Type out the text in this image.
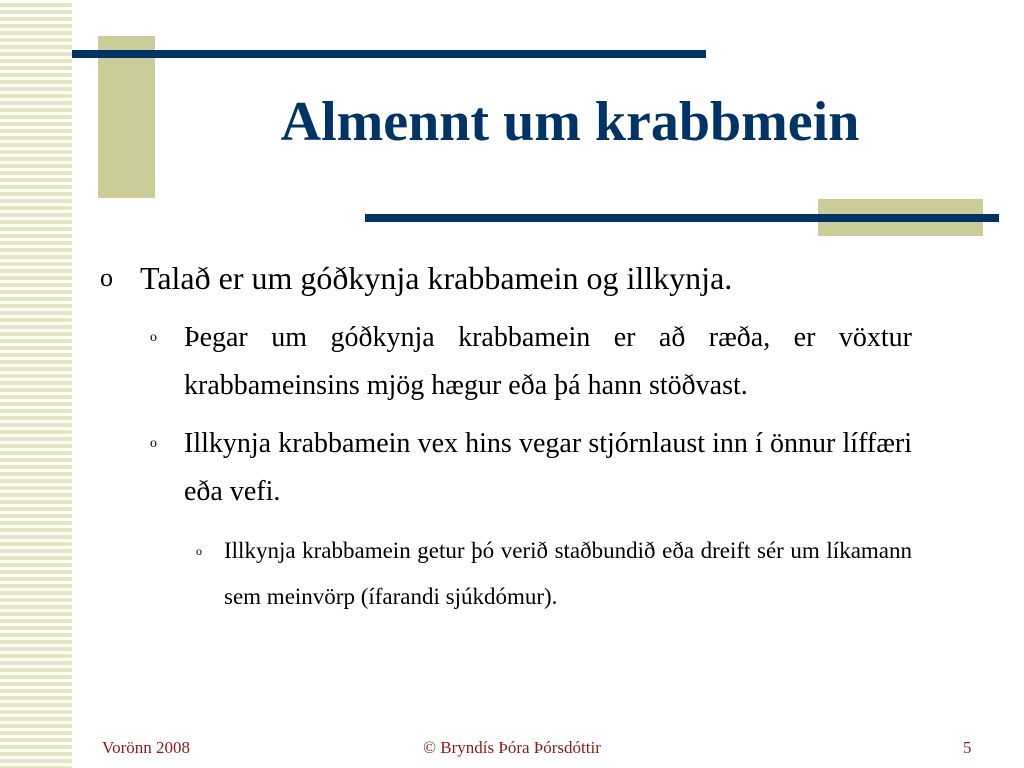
Almennt um krabbmein
o Talað er um góðkynja krabbamein og illkynja.
o Þegar um góðkynja krabbamein er að ræða, er vöxtur krabbameinsins mjög hægur eða þá hann stöðvast.
o Illkynja krabbamein vex hins vegar stjórnlaust inn í önnur líffæri eða vefi.
o Illkynja krabbamein getur þó verið staðbundið eða dreift sér um líkamann sem meinvörp (ífarandi sjúkdómur).
Vorönn 2008	© Bryndís Þóra Þórsdóttir	5
